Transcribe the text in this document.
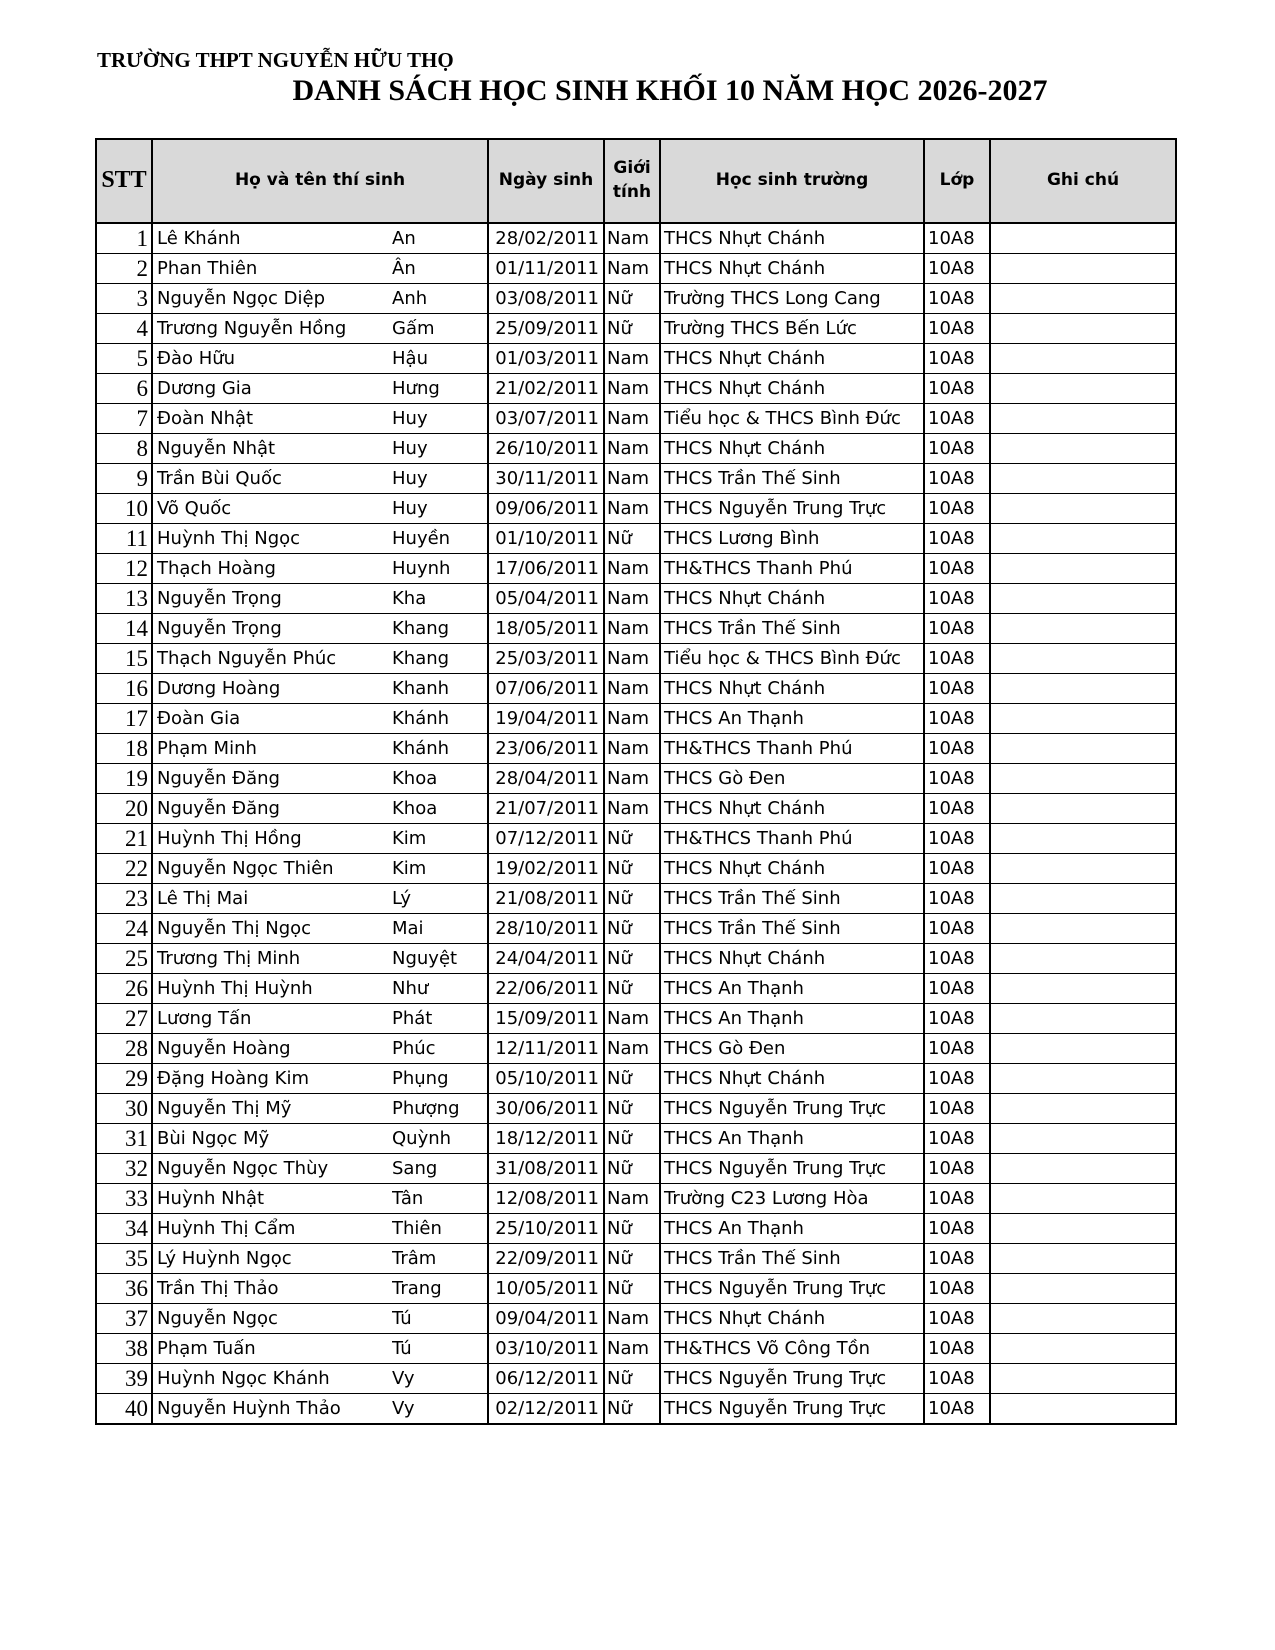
TRƯỜNG THPT NGUYỄN HỮU THỌ
DANH SÁCH HỌC SINH KHỐI 10 NĂM HỌC 2026-2027
STT	Họ và tên thí sinh		Ngày sinh	Giới
tính	Học sinh trường	Lớp	Ghi chú
1	Lê Khánh	An	28/02/2011	Nam	THCS Nhựt Chánh	10A8	
2	Phan Thiên	Ân	01/11/2011	Nam	THCS Nhựt Chánh	10A8	
3	Nguyễn Ngọc Diệp	Anh	03/08/2011	Nữ	Trường THCS Long Cang	10A8	
4	Trương Nguyễn Hồng	Gấm	25/09/2011	Nữ	Trường THCS Bến Lức	10A8	
5	Đào Hữu	Hậu	01/03/2011	Nam	THCS Nhựt Chánh	10A8	
6	Dương Gia	Hưng	21/02/2011	Nam	THCS Nhựt Chánh	10A8	
7	Đoàn Nhật	Huy	03/07/2011	Nam	Tiểu học & THCS Bình Đức	10A8	
8	Nguyễn Nhật	Huy	26/10/2011	Nam	THCS Nhựt Chánh	10A8	
9	Trần Bùi Quốc	Huy	30/11/2011	Nam	THCS Trần Thế Sinh	10A8	
10	Võ Quốc	Huy	09/06/2011	Nam	THCS Nguyễn Trung Trực	10A8	
11	Huỳnh Thị Ngọc	Huyền	01/10/2011	Nữ	THCS Lương Bình	10A8	
12	Thạch Hoàng	Huynh	17/06/2011	Nam	TH&THCS Thanh Phú	10A8	
13	Nguyễn Trọng	Kha	05/04/2011	Nam	THCS Nhựt Chánh	10A8	
14	Nguyễn Trọng	Khang	18/05/2011	Nam	THCS Trần Thế Sinh	10A8	
15	Thạch Nguyễn Phúc	Khang	25/03/2011	Nam	Tiểu học & THCS Bình Đức	10A8	
16	Dương Hoàng	Khanh	07/06/2011	Nam	THCS Nhựt Chánh	10A8	
17	Đoàn Gia	Khánh	19/04/2011	Nam	THCS An Thạnh	10A8	
18	Phạm Minh	Khánh	23/06/2011	Nam	TH&THCS Thanh Phú	10A8	
19	Nguyễn Đăng	Khoa	28/04/2011	Nam	THCS Gò Đen	10A8	
20	Nguyễn Đăng	Khoa	21/07/2011	Nam	THCS Nhựt Chánh	10A8	
21	Huỳnh Thị Hồng	Kim	07/12/2011	Nữ	TH&THCS Thanh Phú	10A8	
22	Nguyễn Ngọc Thiên	Kim	19/02/2011	Nữ	THCS Nhựt Chánh	10A8	
23	Lê Thị Mai	Lý	21/08/2011	Nữ	THCS Trần Thế Sinh	10A8	
24	Nguyễn Thị Ngọc	Mai	28/10/2011	Nữ	THCS Trần Thế Sinh	10A8	
25	Trương Thị Minh	Nguyệt	24/04/2011	Nữ	THCS Nhựt Chánh	10A8	
26	Huỳnh Thị Huỳnh	Như	22/06/2011	Nữ	THCS An Thạnh	10A8	
27	Lương Tấn	Phát	15/09/2011	Nam	THCS An Thạnh	10A8	
28	Nguyễn Hoàng	Phúc	12/11/2011	Nam	THCS Gò Đen	10A8	
29	Đặng Hoàng Kim	Phụng	05/10/2011	Nữ	THCS Nhựt Chánh	10A8	
30	Nguyễn Thị Mỹ	Phượng	30/06/2011	Nữ	THCS Nguyễn Trung Trực	10A8	
31	Bùi Ngọc Mỹ	Quỳnh	18/12/2011	Nữ	THCS An Thạnh	10A8	
32	Nguyễn Ngọc Thùy	Sang	31/08/2011	Nữ	THCS Nguyễn Trung Trực	10A8	
33	Huỳnh Nhật	Tân	12/08/2011	Nam	Trường C23 Lương Hòa	10A8	
34	Huỳnh Thị Cẩm	Thiên	25/10/2011	Nữ	THCS An Thạnh	10A8	
35	Lý Huỳnh Ngọc	Trâm	22/09/2011	Nữ	THCS Trần Thế Sinh	10A8	
36	Trần Thị Thảo	Trang	10/05/2011	Nữ	THCS Nguyễn Trung Trực	10A8	
37	Nguyễn Ngọc	Tú	09/04/2011	Nam	THCS Nhựt Chánh	10A8	
38	Phạm Tuấn	Tú	03/10/2011	Nam	TH&THCS Võ Công Tồn	10A8	
39	Huỳnh Ngọc Khánh	Vy	06/12/2011	Nữ	THCS Nguyễn Trung Trực	10A8	
40	Nguyễn Huỳnh Thảo	Vy	02/12/2011	Nữ	THCS Nguyễn Trung Trực	10A8	
